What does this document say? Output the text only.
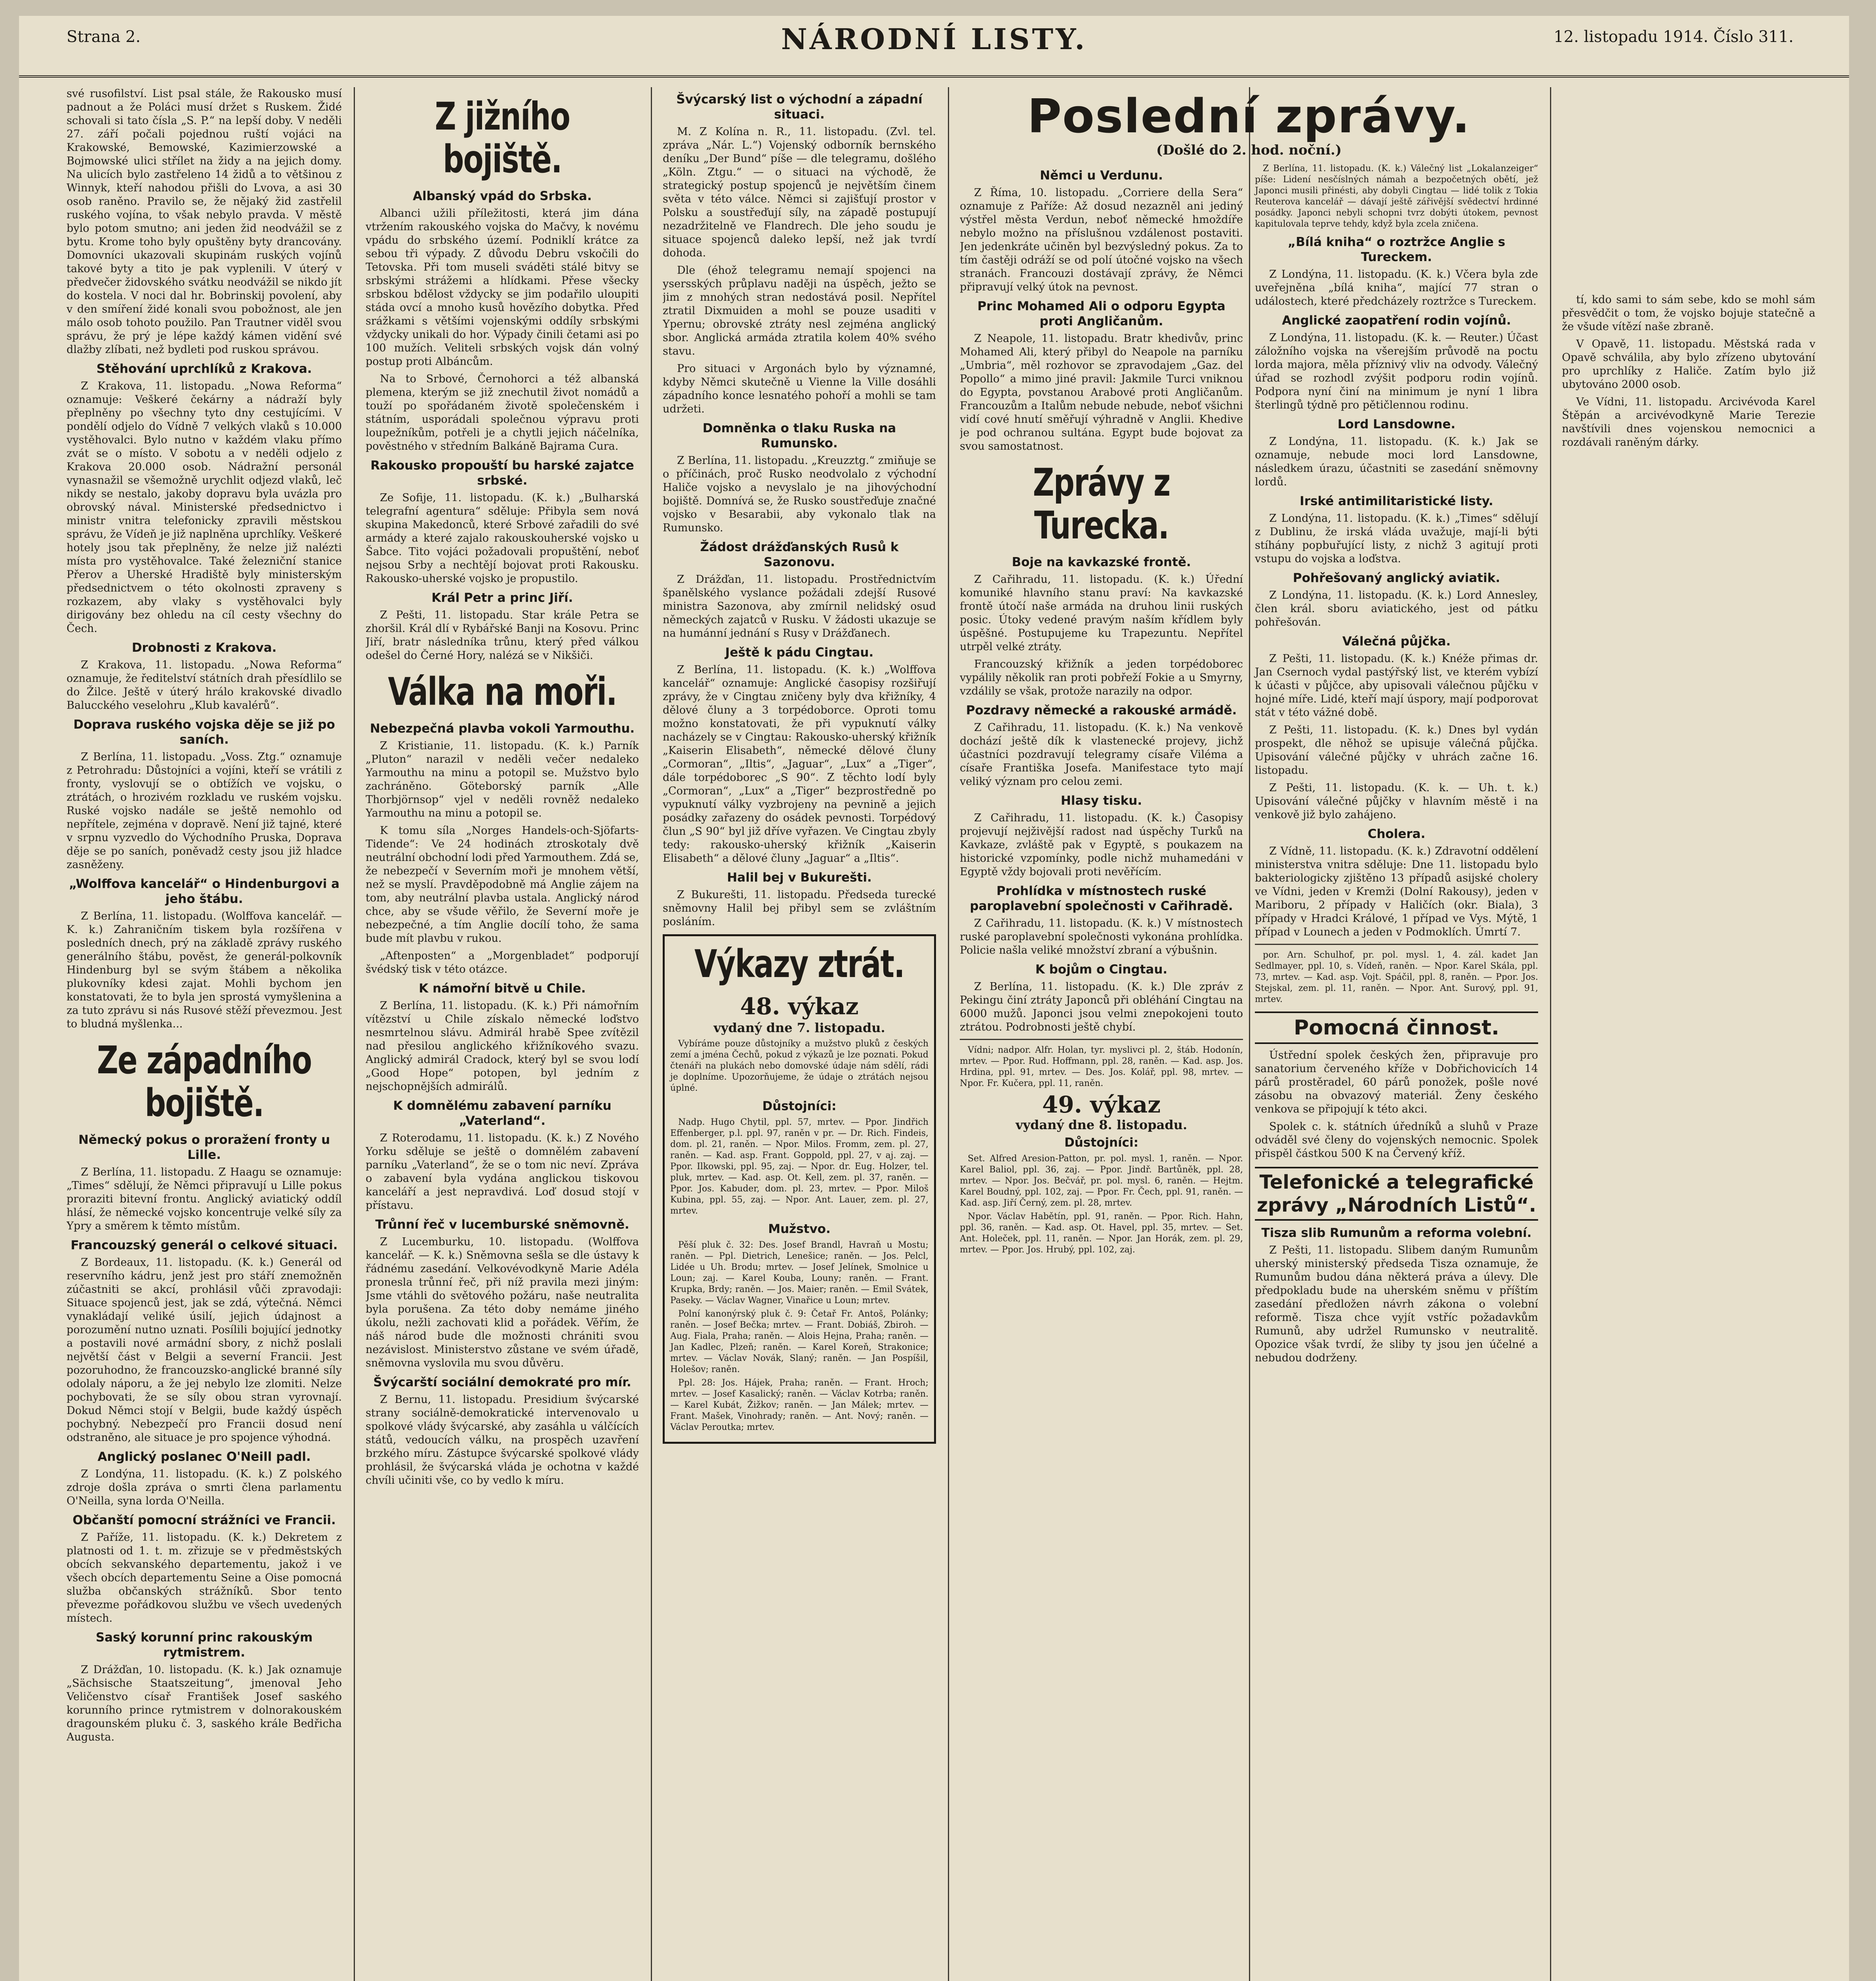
Strana 2.	NÁRODNÍ LISTY.	12. listopadu 1914. Číslo 311.

své rusofilství. List psal stále, že Rakousko musí padnout a že Poláci musí držet s Ruskem. Židé schovali si tato čísla „S. P.“ na lepší doby. V neděli 27. září počali pojednou ruští vojáci na Krakowské, Bemowské, Kazimierzowské a Bojmowské ulici střílet na židy a na jejich domy. Na ulicích bylo zastřeleno 14 židů a to většinou z Winnyk, kteří nahodou přišli do Lvova, a asi 30 osob raněno. Pravilo se, že nějaký žid zastřelil ruského vojína, to však nebylo pravda. V městě bylo potom smutno; ani jeden žid neodvážil se z bytu. Krome toho byly opuštěny byty drancovány. Domovníci ukazovali skupinám ruských vojínů takové byty a tito je pak vyplenili. V úterý v předvečer židovského svátku neodvážil se nikdo jít do kostela. V noci dal hr. Bobrinskij povolení, aby v den smíření židé konali svou pobožnost, ale jen málo osob tohoto použilo. Pan Trautner viděl svou správu, že prý je lépe každý kámen vidění své dlažby zlíbati, než bydleti pod ruskou správou.

Stěhování uprchlíků z Krakova.

Z Krakova, 11. listopadu. „Nowa Reforma“ oznamuje: Veškeré čekárny a nádraží byly přeplněny po všechny tyto dny cestujícími. V pondělí odjelo do Vídně 7 velkých vlaků s 10.000 vystěhovalci. Bylo nutno v každém vlaku přímo zvát se o místo. V sobotu a v neděli odjelo z Krakova 20.000 osob. Nádražní personál vynasnažil se všemožně urychlit odjezd vlaků, leč nikdy se nestalo, jakoby dopravu byla uvázla pro obrovský nával. Ministerské předsednictvo i ministr vnitra telefonicky zpravili městskou správu, že Vídeň je již naplněna uprchlíky. Veškeré hotely jsou tak přeplněny, že nelze již nalézti místa pro vystěhovalce. Také železniční stanice Přerov a Uherské Hradiště byly ministerským předsednictvem o této okolnosti zpraveny s rozkazem, aby vlaky s vystěhovalci byly dirigovány bez ohledu na cíl cesty všechny do Čech.

Drobnosti z Krakova.

Z Krakova, 11. listopadu. „Nowa Reforma“ oznamuje, že ředitelství státních drah přesídlilo se do Žilce. Ještě v úterý hrálo krakovské divadlo Balucckého veselohru „Klub kavalérů“.

Doprava ruského vojska děje se již po saních.

Z Berlína, 11. listopadu. „Voss. Ztg.“ oznamuje z Petrohradu: Důstojníci a vojíni, kteří se vrátili z fronty, vyslovují se o obtížích ve vojsku, o ztrátách, o hrozivém rozkladu ve ruském vojsku. Ruské vojsko nadále se ještě nemohlo od nepřítele, zejména v dopravě. Není již tajné, které v srpnu vyzvedlo do Východního Pruska, Doprava děje se po saních, poněvadž cesty jsou již hladce zasněženy.

„Wolffova kancelář“ o Hindenburgovi a jeho štábu.

Z Berlína, 11. listopadu. (Wolffova kancelář. — K. k.) Zahraničním tiskem byla rozšířena v posledních dnech, prý na základě zprávy ruského generálního štábu, pověst, že generál-polkovník Hindenburg byl se svým štábem a několika plukovníky kdesi zajat. Mohli bychom jen konstatovati, že to byla jen sprostá vymyšlenina a za tuto zprávu si nás Rusové stěží převezmou. Jest to bludná myšlenka...

Ze západního bojiště.
Německý pokus o proražení fronty u Lille.

Z Berlína, 11. listopadu. Z Haagu se oznamuje: „Times“ sdělují, že Němci připravují u Lille pokus proraziti bitevní frontu. Anglický aviatický oddíl hlásí, že německé vojsko koncentruje velké síly za Ypry a směrem k těmto místům.

Francouzský generál o celkové situaci.

Z Bordeaux, 11. listopadu. (K. k.) Generál od reservního kádru, jenž jest pro stáří znemožněn zúčastniti se akcí, prohlásil vůči zpravodaji: Situace spojenců jest, jak se zdá, výtečná. Němci vynakládají veliké úsilí, jejich údajnost a porozumění nutno uznati. Posílili bojující jednotky a postavili nové armádní sbory, z nichž poslali největší část v Belgii a severní Francii. Jest pozoruhodno, že francouzsko-anglické branné síly odolaly náporu, a že jej nebylo lze zlomiti. Nelze pochybovati, že se síly obou stran vyrovnají. Dokud Němci stojí v Belgii, bude každý úspěch pochybný. Nebezpečí pro Francii dosud není odstraněno, ale situace je pro spojence výhodná.

Anglický poslanec O'Neill padl.

Z Londýna, 11. listopadu. (K. k.) Z polského zdroje došla zpráva o smrti člena parlamentu O'Neilla, syna lorda O'Neilla.

Občanští pomocní strážníci ve Francii.

Z Paříže, 11. listopadu. (K. k.) Dekretem z platnosti od 1. t. m. zřizuje se v předměstských obcích sekvanského departementu, jakož i ve všech obcích departementu Seine a Oise pomocná služba občanských strážníků. Sbor tento převezme pořádkovou službu ve všech uvedených místech.

Saský korunní princ rakouským rytmistrem.

Z Drážďan, 10. listopadu. (K. k.) Jak oznamuje „Sächsische Staatszeitung“, jmenoval Jeho Veličenstvo císař František Josef saského korunního prince rytmistrem v dolnorakouském dragounském pluku č. 3, saského krále Bedřicha Augusta.

Z jižního bojiště.
Albanský vpád do Srbska.

Albanci užili příležitosti, která jim dána vtržením rakouského vojska do Mačvy, k novému vpádu do srbského území. Podniklí krátce za sebou tři výpady. Z důvodu Debru vskočili do Tetovska. Při tom museli sváděti stálé bitvy se srbskými strážemi a hlídkami. Přese všecky srbskou bdělost vždycky se jim podařilo uloupiti stáda ovcí a mnoho kusů hovězího dobytka. Před srážkami s většími vojenskými oddíly srbskými vždycky unikali do hor. Výpady činili četami asi po 100 mužích. Veliteli srbských vojsk dán volný postup proti Albáncům.

Na to Srbové, Černohorci a též albanská plemena, kterým se již znechutil život nomádů a touží po spořádaném životě společenském i státním, usporádali společnou výpravu proti loupežníkům, potřeli je a chytli jejich náčelníka, pověstného v středním Balkáně Bajrama Cura.

Rakousko propouští bu harské zajatce srbské.

Ze Sofije, 11. listopadu. (K. k.) „Bulharská telegrafní agentura“ sděluje: Přibyla sem nová skupina Makedonců, které Srbové zařadili do své armády a které zajalo rakouskouherské vojsko u Šabce. Tito vojáci požadovali propuštění, neboť nejsou Srby a nechtějí bojovat proti Rakousku. Rakousko-uherské vojsko je propustilo.

Král Petr a princ Jiří.

Z Pešti, 11. listopadu. Star krále Petra se zhoršil. Král dlí v Rybářské Banji na Kosovu. Princ Jiří, bratr následníka trůnu, který před válkou odešel do Černé Hory, nalézá se v Nikšiči.

Válka na moři.
Nebezpečná plavba vokoli Yarmouthu.

Z Kristianie, 11. listopadu. (K. k.) Parník „Pluton“ narazil v neděli večer nedaleko Yarmouthu na minu a potopil se. Mužstvo bylo zachráněno. Göteborský parník „Alle Thorbjörnsop“ vjel v neděli rovněž nedaleko Yarmouthu na minu a potopil se.

K tomu síla „Norges Handels-och-Sjöfarts-Tidende“: Ve 24 hodinách ztroskotaly dvě neutrální obchodní lodi před Yarmouthem. Zdá se, že nebezpečí v Severním moři je mnohem větší, než se myslí. Pravděpodobně má Anglie zájem na tom, aby neutrální plavba ustala. Anglický národ chce, aby se všude věřilo, že Severní moře je nebezpečné, a tím Anglie docílí toho, že sama bude mít plavbu v rukou.

„Aftenposten“ a „Morgenbladet“ podporují švédský tisk v této otázce.

K námořní bitvě u Chile.

Z Berlína, 11. listopadu. (K. k.) Při námořním vítězství u Chile získalo německé loďstvo nesmrtelnou slávu. Admirál hrabě Spee zvítězil nad přesilou anglického křižníkového svazu. Anglický admirál Cradock, který byl se svou lodí „Good Hope“ potopen, byl jedním z nejschopnějších admirálů.

K domnělému zabavení parníku „Vaterland“.

Z Roterodamu, 11. listopadu. (K. k.) Z Nového Yorku sděluje se ještě o domnělém zabavení parníku „Vaterland“, že se o tom nic neví. Zpráva o zabavení byla vydána anglickou tiskovou kanceláří a jest nepravdivá. Loď dosud stojí v přístavu.

Trůnní řeč v lucemburské sněmovně.

Z Lucemburku, 10. listopadu. (Wolffova kancelář. — K. k.) Sněmovna sešla se dle ústavy k řádnému zasedání. Velkovévodkyně Marie Adéla pronesla trůnní řeč, při níž pravila mezi jiným: Jsme vtáhli do světového požáru, naše neutralita byla porušena. Za této doby nemáme jiného úkolu, nežli zachovati klid a pořádek. Věřím, že náš národ bude dle možnosti chrániti svou nezávislost. Ministerstvo zůstane ve svém úřadě, sněmovna vyslovila mu svou důvěru.

Švýcarští sociální demokraté pro mír.

Z Bernu, 11. listopadu. Presidium švýcarské strany sociálně-demokratické intervenovalo u spolkové vlády švýcarské, aby zasáhla u válčících států, vedoucích válku, na prospěch uzavření brzkého míru. Zástupce švýcarské spolkové vlády prohlásil, že švýcarská vláda je ochotna v každé chvíli učiniti vše, co by vedlo k míru.

Švýcarský list o východní a západní situaci.

M. Z Kolína n. R., 11. listopadu. (Zvl. tel. zpráva „Nár. L.“) Vojenský odborník bernského deníku „Der Bund“ píše — dle telegramu, došlého „Köln. Ztgu.“ — o situaci na východě, že strategický postup spojenců je největším činem světa v této válce. Němci si zajišťují prostor v Polsku a soustřeďují síly, na západě postupují nezadržitelně ve Flandrech. Dle jeho soudu je situace spojenců daleko lepší, než jak tvrdí dohoda.

Dle (éhož telegramu nemají spojenci na ysersských průplavu naději na úspěch, ježto se jim z mnohých stran nedostává posil. Nepřítel ztratil Dixmuiden a mohl se pouze usaditi v Ypernu; obrovské ztráty nesl zejména anglický sbor. Anglická armáda ztratila kolem 40% svého stavu.

Pro situaci v Argonách bylo by významné, kdyby Němci skutečně u Vienne la Ville dosáhli západního konce lesnatého pohoří a mohli se tam udržeti.

Domněnka o tlaku Ruska na Rumunsko.

Z Berlína, 11. listopadu. „Kreuzztg.“ zmiňuje se o příčinách, proč Rusko neodvolalo z východní Haliče vojsko a nevyslalo je na jihovýchodní bojiště. Domnívá se, že Rusko soustřeďuje značné vojsko v Besarabii, aby vykonalo tlak na Rumunsko.

Žádost drážďanských Rusů k Sazonovu.

Z Drážďan, 11. listopadu. Prostřednictvím španělského vyslance požádali zdejší Rusové ministra Sazonova, aby zmírnil nelidský osud německých zajatců v Rusku. V žádosti ukazuje se na humánní jednání s Rusy v Drážďanech.

Ještě k pádu Cingtau.

Z Berlína, 11. listopadu. (K. k.) „Wolffova kancelář“ oznamuje: Anglické časopisy rozšiřují zprávy, že v Cingtau zničeny byly dva křižníky, 4 dělové čluny a 3 torpédoborce. Oproti tomu možno konstatovati, že při vypuknutí války nacházely se v Cingtau: Rakousko-uherský křižník „Kaiserin Elisabeth“, německé dělové čluny „Cormoran“, „Iltis“, „Jaguar“, „Lux“ a „Tiger“, dále torpédoborec „S 90“. Z těchto lodí byly „Cormoran“, „Lux“ a „Tiger“ bezprostředně po vypuknutí války vyzbrojeny na pevnině a jejich posádky zařazeny do osádek pevnosti. Torpédový člun „S 90“ byl již dříve vyřazen. Ve Cingtau zbyly tedy: rakousko-uherský křižník „Kaiserin Elisabeth“ a dělové čluny „Jaguar“ a „Iltis“.

Halil bej v Bukurešti.

Z Bukurešti, 11. listopadu. Předseda turecké sněmovny Halil bej přibyl sem se zvláštním posláním.

Výkazy ztrát.
48. výkaz
vydaný dne 7. listopadu.

Vybíráme pouze důstojníky a mužstvo pluků z českých zemí a jména Čechů, pokud z výkazů je lze poznati. Pokud čtenáři na plukách nebo domovské údaje nám sdělí, rádi je doplníme. Upozorňujeme, že údaje o ztrátách nejsou úplné.

Důstojníci:

Nadp. Hugo Chytil, ppl. 57, mrtev. — Ppor. Jindřich Effenberger, p.l. ppl. 97, raněn v pr. — Dr. Rich. Findeis, dom. pl. 21, raněn. — Npor. Milos. Fromm, zem. pl. 27, raněn. — Kad. asp. Frant. Goppold, ppl. 27, v aj. zaj. — Ppor. Ilkowski, ppl. 95, zaj. — Npor. dr. Eug. Holzer, tel. pluk, mrtev. — Kad. asp. Ot. Kell, zem. pl. 37, raněn. — Ppor. Jos. Kabuder, dom. pl. 23, mrtev. — Ppor. Miloš Kubina, ppl. 55, zaj. — Npor. Ant. Lauer, zem. pl. 27, mrtev.

Mužstvo.

Pěší pluk č. 32: Des. Josef Brandl, Havraň u Mostu; raněn. — Ppl. Dietrich, Lenešice; raněn. — Jos. Pelcl, Lidée u Uh. Brodu; mrtev. — Josef Jelínek, Smolnice u Loun; zaj. — Karel Kouba, Louny; raněn. — Frant. Krupka, Brdy; raněn. — Jos. Maier; raněn. — Emil Svátek, Paseky. — Václav Wagner, Vinařice u Loun; mrtev.

Polní kanonýrský pluk č. 9: Četař Fr. Antoš, Polánky; raněn. — Josef Bečka; mrtev. — Frant. Dobiáš, Zbiroh. — Aug. Fiala, Praha; raněn. — Alois Hejna, Praha; raněn. — Jan Kadlec, Plzeň; raněn. — Karel Koreň, Strakonice; mrtev. — Václav Novák, Slaný; raněn. — Jan Pospíšil, Holešov; raněn.

Ppl. 28: Jos. Hájek, Praha; raněn. — Frant. Hroch; mrtev. — Josef Kasalický; raněn. — Václav Kotrba; raněn. — Karel Kubát, Žižkov; raněn. — Jan Málek; mrtev. — Frant. Mašek, Vinohrady; raněn. — Ant. Nový; raněn. — Václav Peroutka; mrtev.

Poslední zprávy.
(Došlé do 2. hod. noční.)
Němci u Verdunu.

Z Říma, 10. listopadu. „Corriere della Sera“ oznamuje z Paříže: Až dosud nezazněl ani jediný výstřel města Verdun, neboť německé hmoždíře nebylo možno na příslušnou vzdálenost postaviti. Jen jedenkráte učiněn byl bezvýsledný pokus. Za to tím častěji odráží se od polí útočné vojsko na všech stranách. Francouzi dostávají zprávy, že Němci připravují velký útok na pevnost.

Princ Mohamed Ali o odporu Egypta proti Angličanům.

Z Neapole, 11. listopadu. Bratr khedivův, princ Mohamed Ali, který přibyl do Neapole na parníku „Umbria“, měl rozhovor se zpravodajem „Gaz. del Popollo“ a mimo jiné pravil: Jakmile Turci vniknou do Egypta, povstanou Arabové proti Angličanům. Francouzům a Italům nebude nebude, neboť všichni vidí cové hnutí směřují výhradně v Anglii. Khedive je pod ochranou sultána. Egypt bude bojovat za svou samostatnost.

Zprávy z Turecka.
Boje na kavkazské frontě.

Z Cařihradu, 11. listopadu. (K. k.) Úřední komuniké hlavního stanu praví: Na kavkazské frontě útočí naše armáda na druhou linii ruských posic. Útoky vedené pravým naším křídlem byly úspěšné. Postupujeme ku Trapezuntu. Nepřítel utrpěl velké ztráty.

Francouzský křižník a jeden torpédoborec vypálily několik ran proti pobřeží Fokie a u Smyrny, vzdálily se však, protože narazily na odpor.

Pozdravy německé a rakouské armádě.

Z Cařihradu, 11. listopadu. (K. k.) Na venkově dochází ještě dík k vlastenecké projevy, jichž účastníci pozdravují telegramy císaře Viléma a císaře Františka Josefa. Manifestace tyto mají veliký význam pro celou zemi.

Hlasy tisku.

Z Cařihradu, 11. listopadu. (K. k.) Časopisy projevují nejživější radost nad úspěchy Turků na Kavkaze, zvláště pak v Egyptě, s poukazem na historické vzpomínky, podle nichž muhamedáni v Egyptě vždy bojovali proti nevěřícím.

Prohlídka v místnostech ruské paroplavební společnosti v Cařihradě.

Z Cařihradu, 11. listopadu. (K. k.) V místnostech ruské paroplavební společnosti vykonána prohlídka. Policie našla veliké množství zbraní a výbušnin.

K bojům o Cingtau.

Z Berlína, 11. listopadu. (K. k.) Dle zpráv z Pekingu činí ztráty Japonců při obléhání Cingtau na 6000 mužů. Japonci jsou velmi znepokojeni touto ztrátou. Podrobnosti ještě chybí.

Vídni; nadpor. Alfr. Holan, tyr. myslivci pl. 2, štáb. Hodonín, mrtev. — Ppor. Rud. Hoffmann, ppl. 28, raněn. — Kad. asp. Jos. Hrdina, ppl. 91, mrtev. — Des. Jos. Kolář, ppl. 98, mrtev. — Npor. Fr. Kučera, ppl. 11, raněn.

49. výkaz
vydaný dne 8. listopadu.
Důstojníci:

Set. Alfred Aresion-Patton, pr. pol. mysl. 1, raněn. — Npor. Karel Baliol, ppl. 36, zaj. — Ppor. Jindř. Bartůněk, ppl. 28, mrtev. — Npor. Jos. Bečvář, pr. pol. mysl. 6, raněn. — Hejtm. Karel Boudný, ppl. 102, zaj. — Ppor. Fr. Čech, ppl. 91, raněn. — Kad. asp. Jiří Černý, zem. pl. 28, mrtev.

Npor. Václav Habětín, ppl. 91, raněn. — Ppor. Rich. Hahn, ppl. 36, raněn. — Kad. asp. Ot. Havel, ppl. 35, mrtev. — Set. Ant. Holeček, ppl. 11, raněn. — Npor. Jan Horák, zem. pl. 29, mrtev. — Ppor. Jos. Hrubý, ppl. 102, zaj.

Z Berlína, 11. listopadu. (K. k.) Válečný list „Lokalanzeiger“ píše: Lidení nesčíslných námah a bezpočetných obětí, jež Japonci musili přinésti, aby dobyli Cingtau — lidé tolik z Tokia Reuterova kancelář — dávají ještě zářivější svědectví hrdinné posádky. Japonci nebyli schopni tvrz dobýti útokem, pevnost kapitulovala teprve tehdy, když byla zcela zničena.

„Bílá kniha“ o roztržce Anglie s Tureckem.

Z Londýna, 11. listopadu. (K. k.) Včera byla zde uveřejněna „bílá kniha“, mající 77 stran o událostech, které předcházely roztržce s Tureckem.

Anglické zaopatření rodin vojínů.

Z Londýna, 11. listopadu. (K. k. — Reuter.) Účast záložního vojska na všerejším průvodě na poctu lorda majora, měla příznivý vliv na odvody. Válečný úřad se rozhodl zvýšit podporu rodin vojínů. Podpora nyní činí na minimum je nyní 1 libra šterlingů týdně pro pětičlennou rodinu.

Lord Lansdowne.

Z Londýna, 11. listopadu. (K. k.) Jak se oznamuje, nebude moci lord Lansdowne, následkem úrazu, účastniti se zasedání sněmovny lordů.

Irské antimilitaristické listy.

Z Londýna, 11. listopadu. (K. k.) „Times“ sdělují z Dublinu, že irská vláda uvažuje, mají-li býti stíhány popbuřující listy, z nichž 3 agitují proti vstupu do vojska a loďstva.

Pohřešovaný anglický aviatik.

Z Londýna, 11. listopadu. (K. k.) Lord Annesley, člen král. sboru aviatického, jest od pátku pohřešován.

Válečná půjčka.

Z Pešti, 11. listopadu. (K. k.) Knéže přimas dr. Jan Csernoch vydal pastýřský list, ve kterém vybízí k účasti v půjčce, aby upisovali válečnou půjčku v hojné míře. Lidé, kteří mají úspory, mají podporovat stát v této vážné době.

Z Pešti, 11. listopadu. (K. k.) Dnes byl vydán prospekt, dle něhož se upisuje válečná půjčka. Upisování válečné půjčky v uhrách začne 16. listopadu.

Z Pešti, 11. listopadu. (K. k. — Uh. t. k.) Upisování válečné půjčky v hlavním městě i na venkově již bylo zahájeno.

Cholera.

Z Vídně, 11. listopadu. (K. k.) Zdravotní oddělení ministerstva vnitra sděluje: Dne 11. listopadu bylo bakteriologicky zjištěno 13 případů asijské cholery ve Vídni, jeden v Kremži (Dolní Rakousy), jeden v Mariboru, 2 případy v Haličích (okr. Biala), 3 případy v Hradci Králové, 1 případ ve Vys. Mýtě, 1 případ v Lounech a jeden v Podmoklích. Úmrtí 7.

por. Arn. Schulhof, pr. pol. mysl. 1, 4. zál. kadet Jan Sedlmayer, ppl. 10, s. Vídeň, raněn. — Npor. Karel Skála, ppl. 73, mrtev. — Kad. asp. Vojt. Spáčil, ppl. 8, raněn. — Ppor. Jos. Stejskal, zem. pl. 11, raněn. — Npor. Ant. Surový, ppl. 91, mrtev.

Pomocná činnost.

Ústřední spolek českých žen, připravuje pro sanatorium červeného kříže v Dobřichovicích 14 párů prostěradel, 60 párů ponožek, pošle nové zásobu na obvazový materiál. Ženy českého venkova se připojují k této akci.

Spolek c. k. státních úředníků a sluhů v Praze odváděl své členy do vojenských nemocnic. Spolek přispěl částkou 500 K na Červený kříž.

Telefonické a telegrafické zprávy „Národních Listů“.
Tisza slib Rumunům a reforma volební.

Z Pešti, 11. listopadu. Slibem daným Rumunům uherský ministerský předseda Tisza oznamuje, že Rumunům budou dána některá práva a úlevy. Dle předpokladu bude na uherském sněmu v příštím zasedání předložen návrh zákona o volební reformě. Tisza chce vyjít vstříc požadavkům Rumunů, aby udržel Rumunsko v neutralitě. Opozice však tvrdí, že sliby ty jsou jen účelné a nebudou dodrženy.

tí, kdo sami to sám sebe, kdo se mohl sám přesvědčit o tom, že vojsko bojuje statečně a že všude vítězí naše zbraně.

V Opavě, 11. listopadu. Městská rada v Opavě schválila, aby bylo zřízeno ubytování pro uprchlíky z Haliče. Zatím bylo již ubytováno 2000 osob.

Ve Vídni, 11. listopadu. Arcivévoda Karel Štěpán a arcivévodkyně Marie Terezie navštívili dnes vojenskou nemocnici a rozdávali raněným dárky.
